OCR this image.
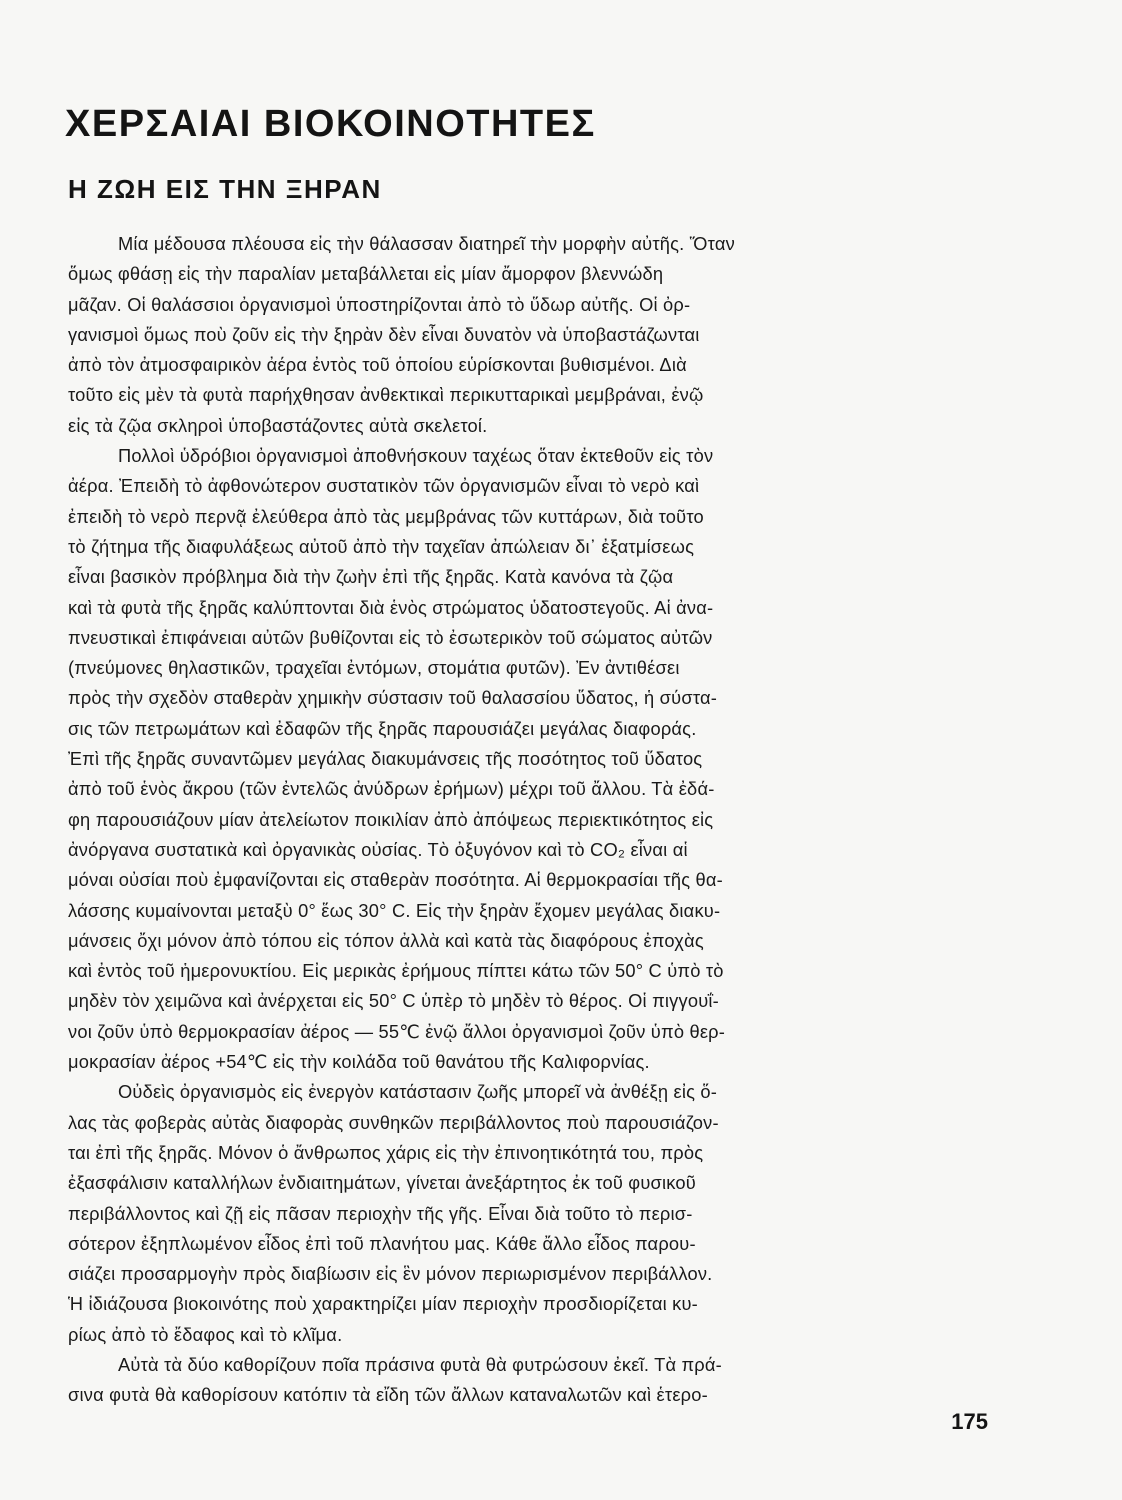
ΧΕΡΣΑΙΑΙ ΒΙΟΚΟΙΝΟΤΗΤΕΣ
Η ΖΩΗ ΕΙΣ ΤΗΝ ΞΗΡΑΝ
Μία μέδουσα πλέουσα εἰς τὴν θάλασσαν διατηρεῖ τὴν μορφὴν αὐτῆς. Ὅταν
ὅμως φθάσῃ εἰς τὴν παραλίαν μεταβάλλεται εἰς μίαν ἄμορφον βλεννώδη
μᾶζαν. Οἱ θαλάσσιοι ὀργανισμοὶ ὑποστηρίζονται ἀπὸ τὸ ὕδωρ αὐτῆς. Οἱ ὀρ-
γανισμοὶ ὅμως ποὺ ζοῦν εἰς τὴν ξηρὰν δὲν εἶναι δυνατὸν νὰ ὑποβαστάζωνται
ἀπὸ τὸν ἀτμοσφαιρικὸν ἀέρα ἐντὸς τοῦ ὁποίου εὑρίσκονται βυθισμένοι. Διὰ
τοῦτο εἰς μὲν τὰ φυτὰ παρήχθησαν ἀνθεκτικαὶ περικυτταρικαὶ μεμβράναι, ἐνῷ
εἰς τὰ ζῷα σκληροὶ ὑποβαστάζοντες αὐτὰ σκελετοί.
Πολλοὶ ὑδρόβιοι ὀργανισμοὶ ἀποθνήσκουν ταχέως ὅταν ἐκτεθοῦν εἰς τὸν
ἀέρα. Ἐπειδὴ τὸ ἀφθονώτερον συστατικὸν τῶν ὀργανισμῶν εἶναι τὸ νερὸ καὶ
ἐπειδὴ τὸ νερὸ περνᾷ ἐλεύθερα ἀπὸ τὰς μεμβράνας τῶν κυττάρων, διὰ τοῦτο
τὸ ζήτημα τῆς διαφυλάξεως αὐτοῦ ἀπὸ τὴν ταχεῖαν ἀπώλειαν δι᾽ ἐξατμίσεως
εἶναι βασικὸν πρόβλημα διὰ τὴν ζωὴν ἐπὶ τῆς ξηρᾶς. Κατὰ κανόνα τὰ ζῷα
καὶ τὰ φυτὰ τῆς ξηρᾶς καλύπτονται διὰ ἑνὸς στρώματος ὑδατοστεγοῦς. Αἱ ἀνα-
πνευστικαὶ ἐπιφάνειαι αὐτῶν βυθίζονται εἰς τὸ ἐσωτερικὸν τοῦ σώματος αὐτῶν
(πνεύμονες θηλαστικῶν, τραχεῖαι ἐντόμων, στομάτια φυτῶν). Ἐν ἀντιθέσει
πρὸς τὴν σχεδὸν σταθερὰν χημικὴν σύστασιν τοῦ θαλασσίου ὕδατος, ἡ σύστα-
σις τῶν πετρωμάτων καὶ ἐδαφῶν τῆς ξηρᾶς παρουσιάζει μεγάλας διαφοράς.
Ἐπὶ τῆς ξηρᾶς συναντῶμεν μεγάλας διακυμάνσεις τῆς ποσότητος τοῦ ὕδατος
ἀπὸ τοῦ ἑνὸς ἄκρου (τῶν ἐντελῶς ἀνύδρων ἐρήμων) μέχρι τοῦ ἄλλου. Τὰ ἐδά-
φη παρουσιάζουν μίαν ἀτελείωτον ποικιλίαν ἀπὸ ἀπόψεως περιεκτικότητος εἰς
ἀνόργανα συστατικὰ καὶ ὀργανικὰς οὐσίας. Τὸ ὀξυγόνον καὶ τὸ CO₂ εἶναι αἱ
μόναι οὐσίαι ποὺ ἐμφανίζονται εἰς σταθερὰν ποσότητα. Αἱ θερμοκρασίαι τῆς θα-
λάσσης κυμαίνονται μεταξὺ 0° ἕως 30° C. Εἰς τὴν ξηρὰν ἔχομεν μεγάλας διακυ-
μάνσεις ὄχι μόνον ἀπὸ τόπου εἰς τόπον ἀλλὰ καὶ κατὰ τὰς διαφόρους ἐποχὰς
καὶ ἐντὸς τοῦ ἡμερονυκτίου. Εἰς μερικὰς ἐρήμους πίπτει κάτω τῶν 50° C ὑπὸ τὸ
μηδὲν τὸν χειμῶνα καὶ ἀνέρχεται εἰς 50° C ὑπὲρ τὸ μηδὲν τὸ θέρος. Οἱ πιγγουΐ-
νοι ζοῦν ὑπὸ θερμοκρασίαν ἀέρος — 55℃ ἐνῷ ἄλλοι ὀργανισμοὶ ζοῦν ὑπὸ θερ-
μοκρασίαν ἀέρος +54℃ εἰς τὴν κοιλάδα τοῦ θανάτου τῆς Καλιφορνίας.
Οὐδεὶς ὀργανισμὸς εἰς ἐνεργὸν κατάστασιν ζωῆς μπορεῖ νὰ ἀνθέξῃ εἰς ὅ-
λας τὰς φοβερὰς αὐτὰς διαφορὰς συνθηκῶν περιβάλλοντος ποὺ παρουσιάζον-
ται ἐπὶ τῆς ξηρᾶς. Μόνον ὁ ἄνθρωπος χάρις εἰς τὴν ἐπινοητικότητά του, πρὸς
ἐξασφάλισιν καταλλήλων ἐνδιαιτημάτων, γίνεται ἀνεξάρτητος ἐκ τοῦ φυσικοῦ
περιβάλλοντος καὶ ζῇ εἰς πᾶσαν περιοχὴν τῆς γῆς. Εἶναι διὰ τοῦτο τὸ περισ-
σότερον ἐξηπλωμένον εἶδος ἐπὶ τοῦ πλανήτου μας. Κάθε ἄλλο εἶδος παρου-
σιάζει προσαρμογὴν πρὸς διαβίωσιν εἰς ἓν μόνον περιωρισμένον περιβάλλον.
Ἡ ἰδιάζουσα βιοκοινότης ποὺ χαρακτηρίζει μίαν περιοχὴν προσδιορίζεται κυ-
ρίως ἀπὸ τὸ ἔδαφος καὶ τὸ κλῖμα.
Αὐτὰ τὰ δύο καθορίζουν ποῖα πράσινα φυτὰ θὰ φυτρώσουν ἐκεῖ. Τὰ πρά-
σινα φυτὰ θὰ καθορίσουν κατόπιν τὰ εἴδη τῶν ἄλλων καταναλωτῶν καὶ ἑτερο-
175
